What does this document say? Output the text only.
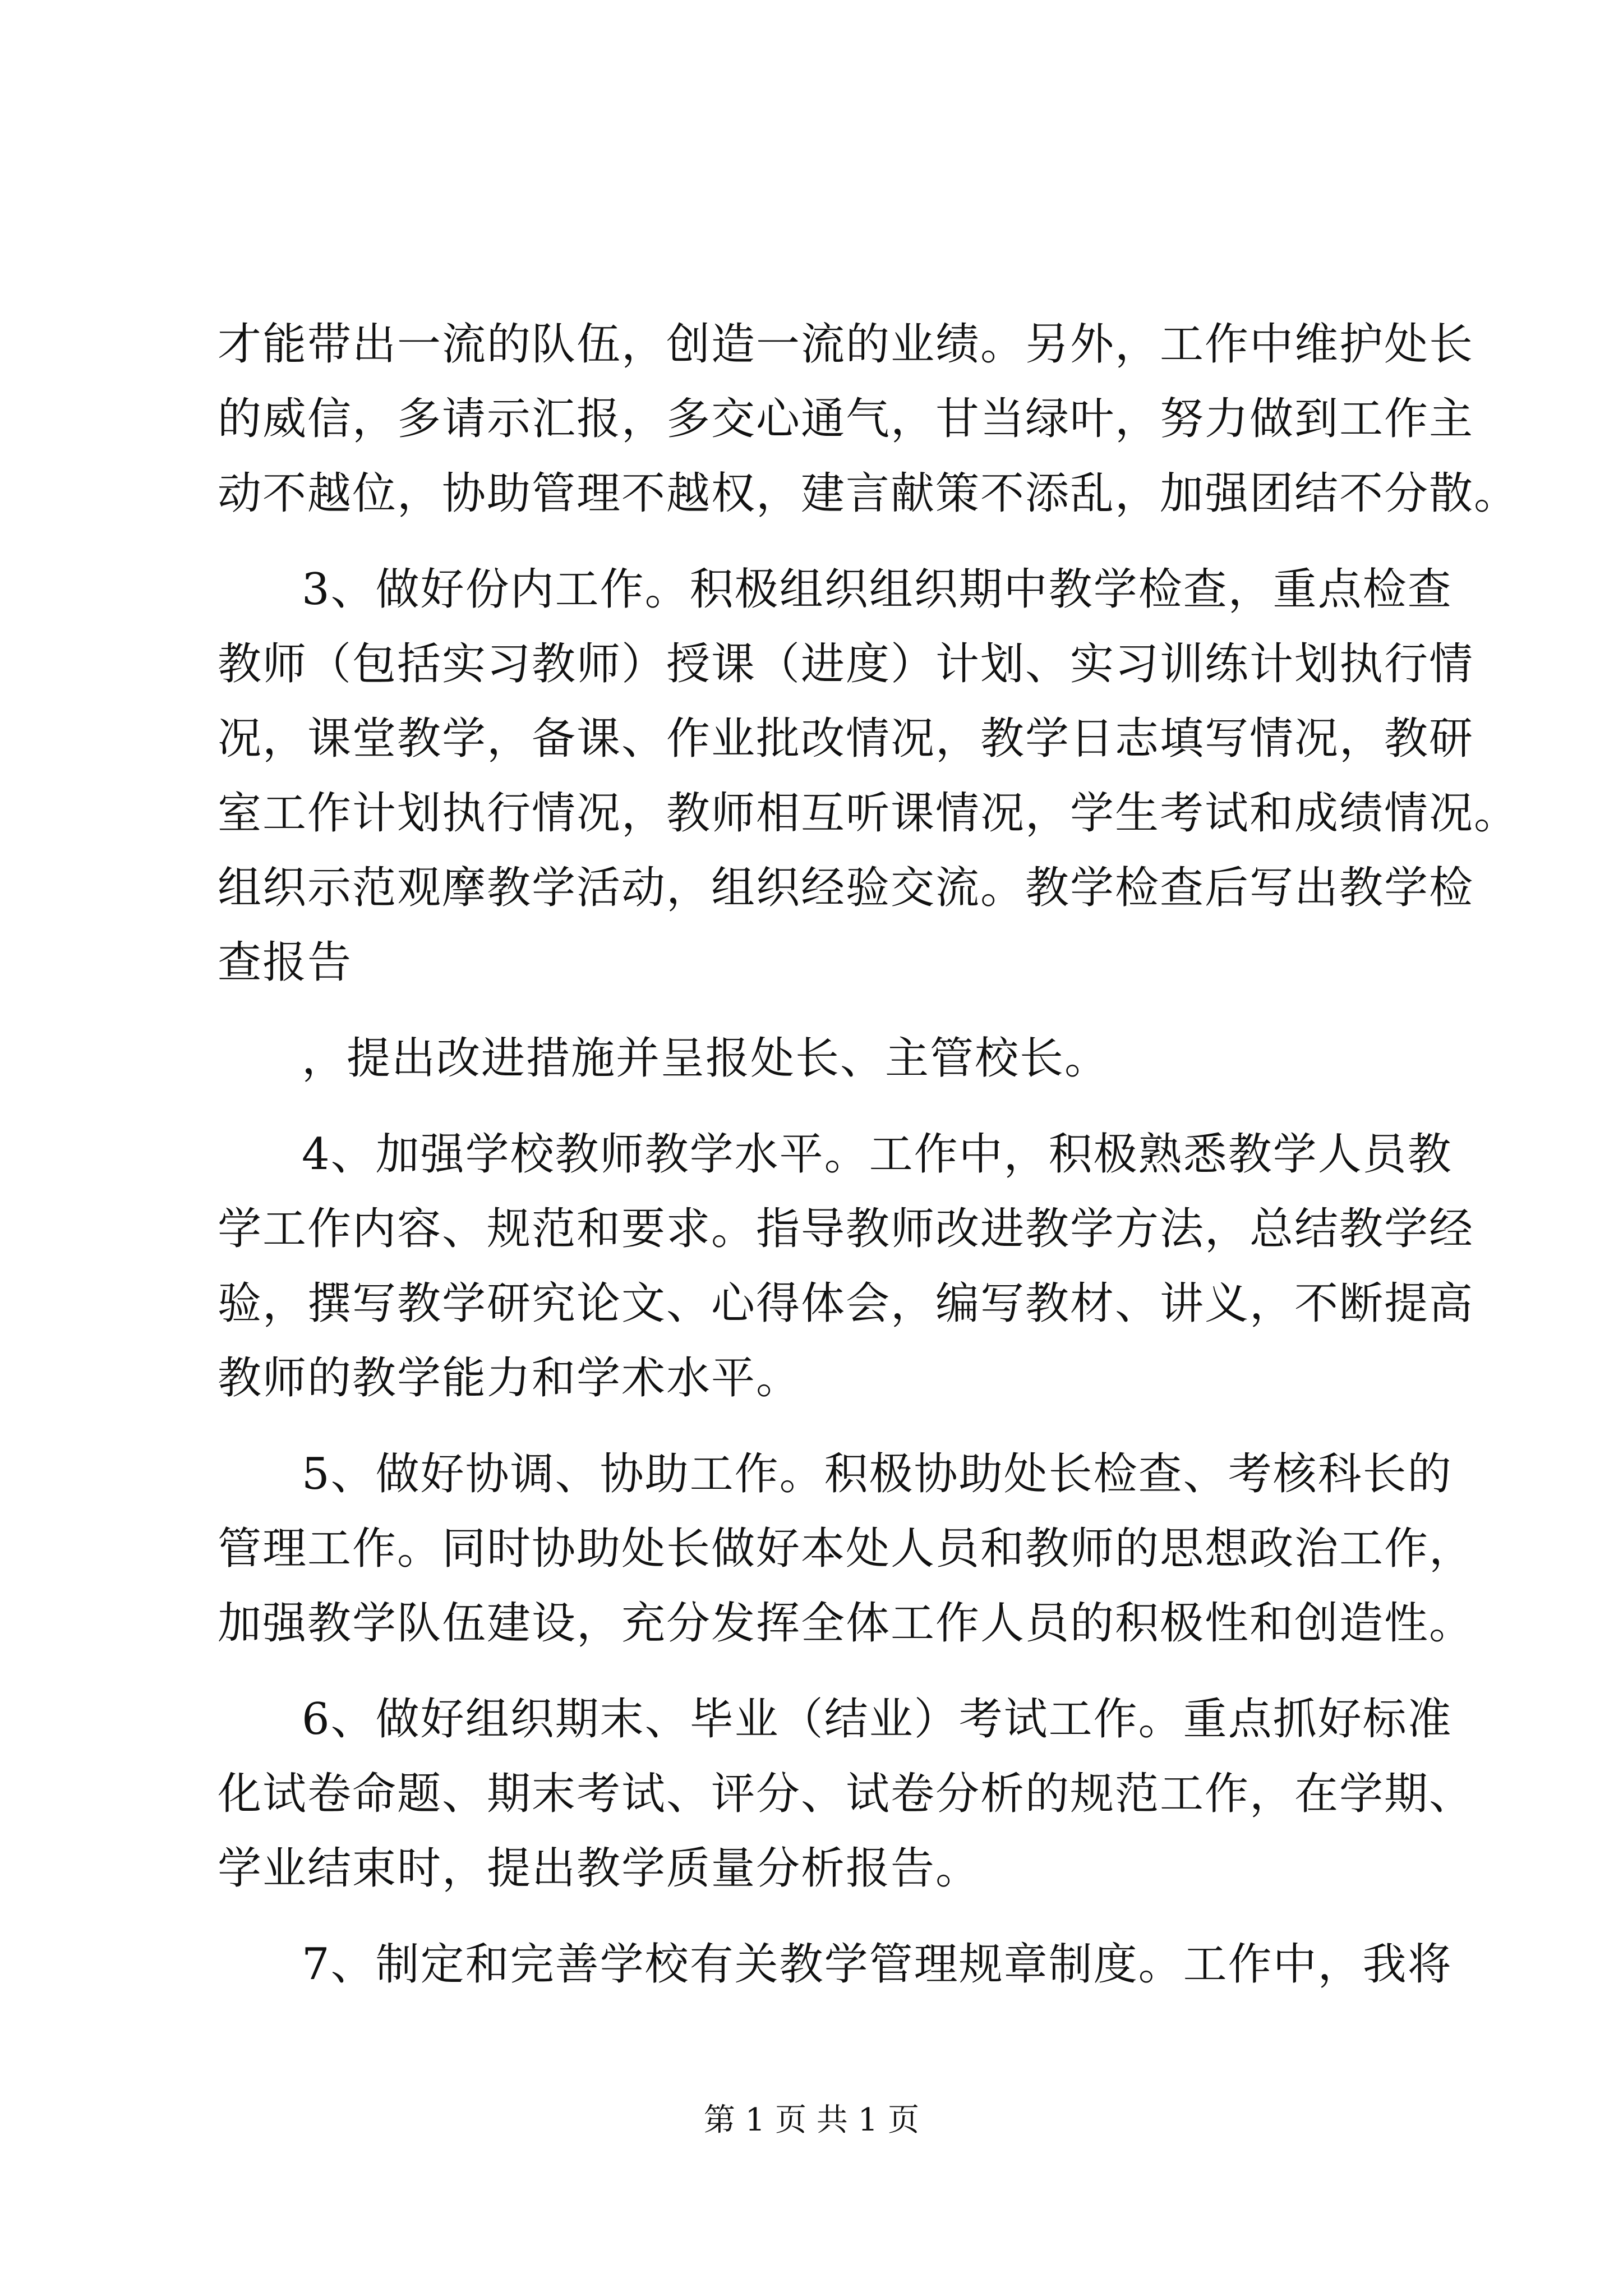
才能带出一流的队伍，创造一流的业绩。另外，工作中维护处长
的威信，多请示汇报，多交心通气，甘当绿叶，努力做到工作主
动不越位，协助管理不越权，建言献策不添乱，加强团结不分散。
3、做好份内工作。积极组织组织期中教学检查，重点检查
教师（包括实习教师）授课（进度）计划、实习训练计划执行情
况，课堂教学，备课、作业批改情况，教学日志填写情况，教研
室工作计划执行情况，教师相互听课情况，学生考试和成绩情况。
组织示范观摩教学活动，组织经验交流。教学检查后写出教学检
查报告
，提出改进措施并呈报处长、主管校长。
4、加强学校教师教学水平。工作中，积极熟悉教学人员教
学工作内容、规范和要求。指导教师改进教学方法，总结教学经
验，撰写教学研究论文、心得体会，编写教材、讲义，不断提高
教师的教学能力和学术水平。
5、做好协调、协助工作。积极协助处长检查、考核科长的
管理工作。同时协助处长做好本处人员和教师的思想政治工作，
加强教学队伍建设，充分发挥全体工作人员的积极性和创造性。
6、做好组织期末、毕业（结业）考试工作。重点抓好标准
化试卷命题、期末考试、评分、试卷分析的规范工作，在学期、
学业结束时，提出教学质量分析报告。
7、制定和完善学校有关教学管理规章制度。工作中，我将
第 1 页 共 1 页
